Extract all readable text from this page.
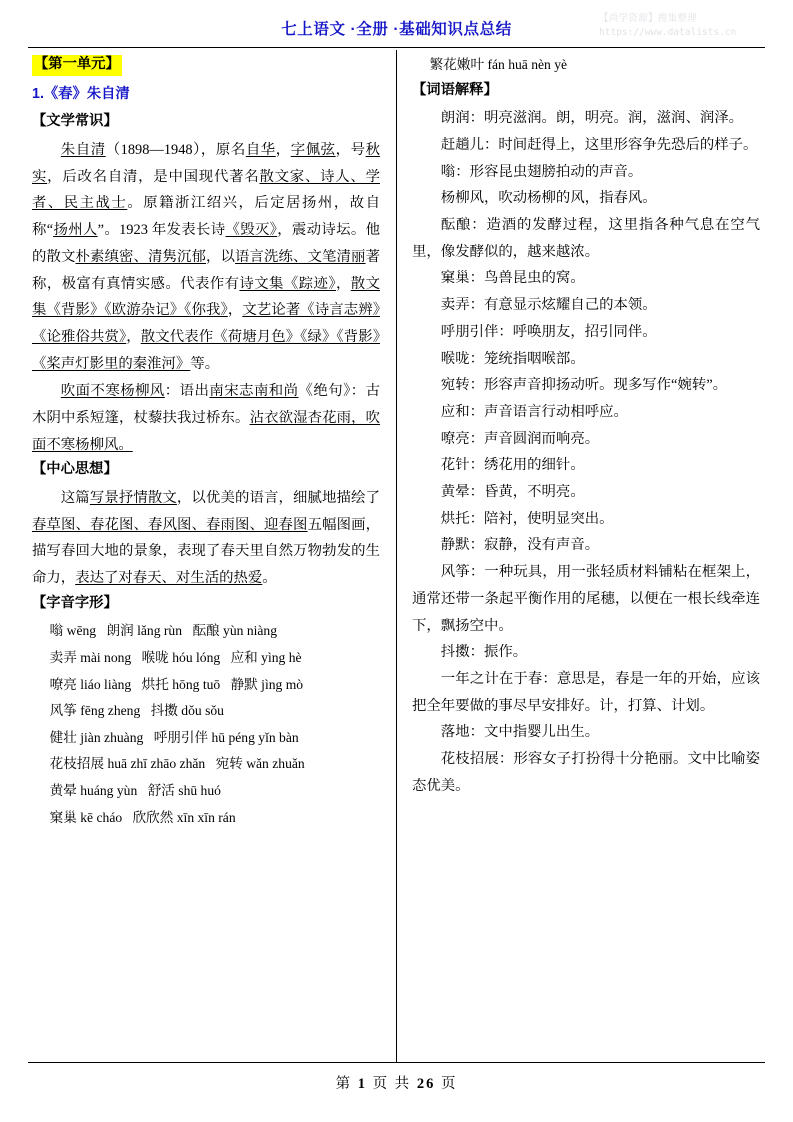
七上语文 ·全册 ·基础知识点总结
【尚学资源】搜集整理
https://www.datalists.cn
【第一单元】
1.《春》朱自清
【文学常识】

朱自清（1898—1948），原名自华，字佩弦，号秋实，后改名自清，是中国现代著名散文家、诗人、学者、民主战士。原籍浙江绍兴，后定居扬州，故自称“扬州人”。1923 年发表长诗《毁灭》，震动诗坛。他的散文朴素缜密、清隽沉郁，以语言洗练、文笔清丽著称，极富有真情实感。代表作有诗文集《踪迹》，散文集《背影》《欧游杂记》《你我》，文艺论著《诗言志辨》《论雅俗共赏》，散文代表作《荷塘月色》《绿》《背影》《桨声灯影里的秦淮河》等。

吹面不寒杨柳风：语出南宋志南和尚《绝句》：古木阴中系短篷，杖藜扶我过桥东。沾衣欲湿杏花雨，吹面不寒杨柳风。

【中心思想】

这篇写景抒情散文，以优美的语言，细腻地描绘了春草图、春花图、春风图、春雨图、迎春图五幅图画，描写春回大地的景象，表现了春天里自然万物勃发的生命力，表达了对春天、对生活的热爱。

【字音字形】
嗡 wēng 朗润 lǎng rùn 酝酿 yùn niàng
卖弄 mài nong 喉咙 hóu lóng 应和 yìng hè
嘹亮 liáo liàng 烘托 hōng tuō 静默 jìng mò
风筝 fēng zheng 抖擞 dǒu sǒu
健壮 jiàn zhuàng 呼朋引伴 hū péng yǐn bàn
花枝招展 huā zhī zhāo zhǎn 宛转 wǎn zhuǎn
黄晕 huáng yùn 舒活 shū huó
窠巢 kē cháo 欣欣然 xīn xīn rán
繁花嫩叶 fán huā nèn yè
【词语解释】

朗润：明亮滋润。朗，明亮。润，滋润、润泽。

赶趟儿：时间赶得上，这里形容争先恐后的样子。

嗡：形容昆虫翅膀拍动的声音。

杨柳风，吹动杨柳的风，指春风。

酝酿：造酒的发酵过程，这里指各种气息在空气里，像发酵似的，越来越浓。

窠巢：鸟兽昆虫的窝。

卖弄：有意显示炫耀自己的本领。

呼朋引伴：呼唤朋友，招引同伴。

喉咙：笼统指咽喉部。

宛转：形容声音抑扬动听。现多写作“婉转”。

应和：声音语言行动相呼应。

嘹亮：声音圆润而响亮。

花针：绣花用的细针。

黄晕：昏黄，不明亮。

烘托：陪衬，使明显突出。

静默：寂静，没有声音。

风筝：一种玩具，用一张轻质材料铺粘在框架上，通常还带一条起平衡作用的尾穗，以便在一根长线牵连下，飘扬空中。

抖擞：振作。

一年之计在于春：意思是，春是一年的开始，应该把全年要做的事尽早安排好。计，打算、计划。

落地：文中指婴儿出生。

花枝招展：形容女子打扮得十分艳丽。文中比喻姿态优美。

第 1 页 共 26 页
